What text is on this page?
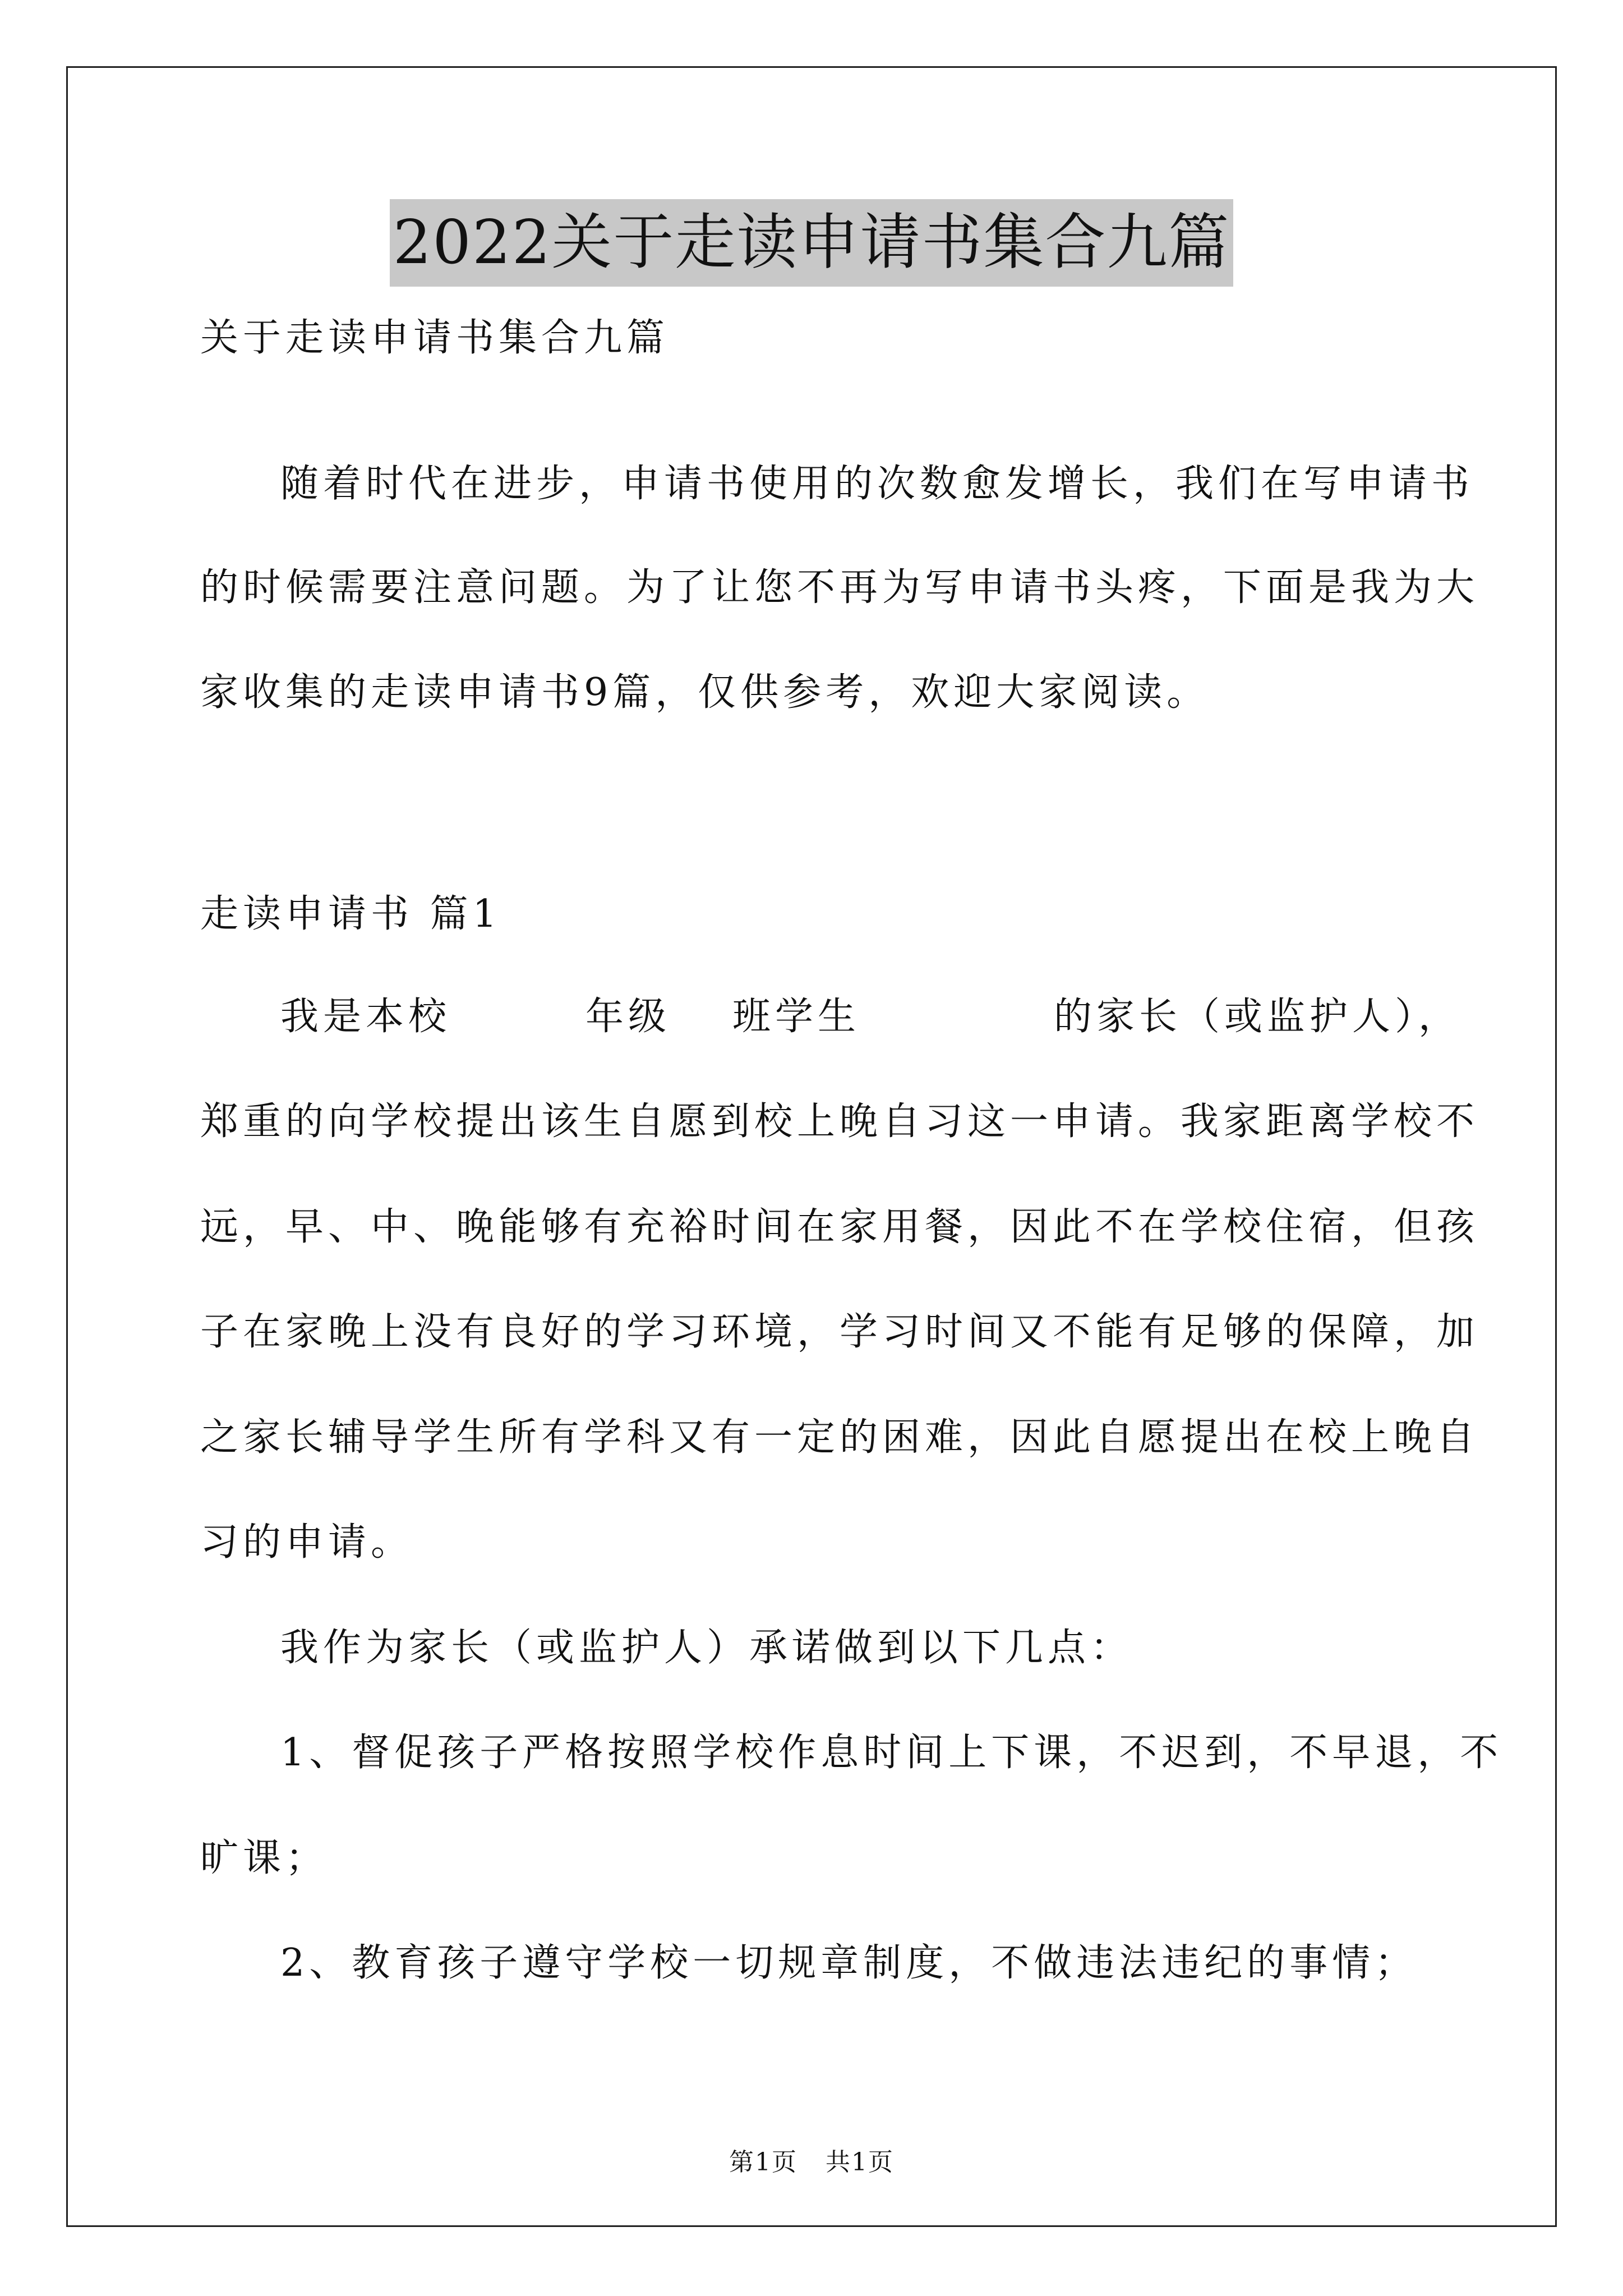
2022关于走读申请书集合九篇
关于走读申请书集合九篇
随着时代在进步，申请书使用的次数愈发增长，我们在写申请书
的时候需要注意问题。为了让您不再为写申请书头疼，下面是我为大
家收集的走读申请书9篇，仅供参考，欢迎大家阅读。
走读申请书 篇1
我是本校	年级 班学生	的家长（或监护人），
郑重的向学校提出该生自愿到校上晚自习这一申请。我家距离学校不
远，早、中、晚能够有充裕时间在家用餐，因此不在学校住宿，但孩
子在家晚上没有良好的学习环境，学习时间又不能有足够的保障，加
之家长辅导学生所有学科又有一定的困难，因此自愿提出在校上晚自
习的申请。
我作为家长（或监护人）承诺做到以下几点：
1、督促孩子严格按照学校作息时间上下课，不迟到，不早退，不
旷课；
2、教育孩子遵守学校一切规章制度，不做违法违纪的事情；
第1页 共1页
